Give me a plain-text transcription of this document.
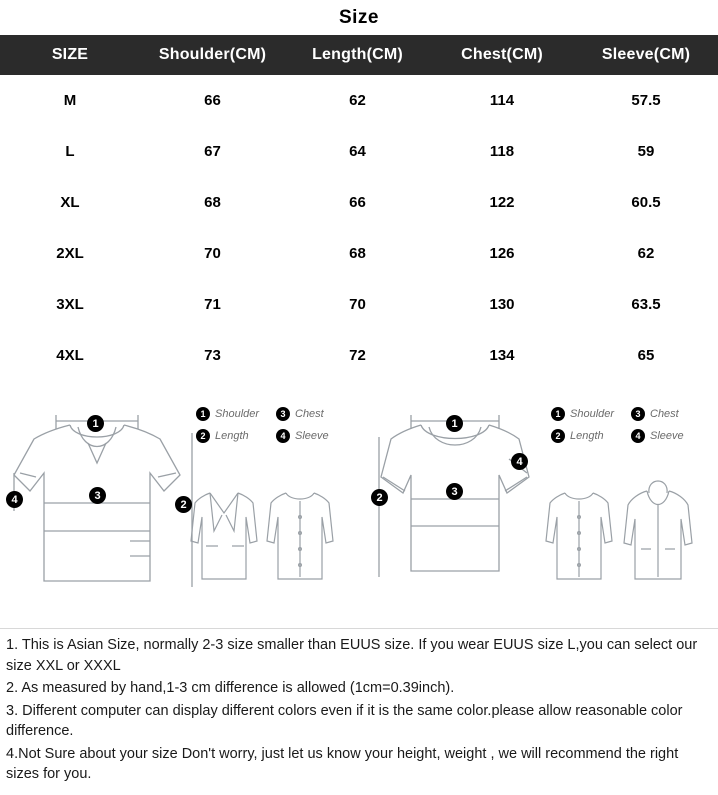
Size
SIZE	Shoulder(CM)	Length(CM)	Chest(CM)	Sleeve(CM)
M	66	62	114	57.5
L	67	64	118	59
XL	68	66	122	60.5
2XL	70	68	126	62
3XL	71	70	130	63.5
4XL	73	72	134	65
1
2
3
4
1 Shoulder	3 Chest
2 Length	4 Sleeve
1
2	3
4
1 Shoulder	3 Chest
2 Length	4 Sleeve

1. This is Asian Size, normally 2-3 size smaller than EUUS size. If you wear EUUS size L,you can select our size XXL or XXXL

2. As measured by hand,1-3 cm difference is allowed (1cm=0.39inch).

3. Different computer can display different colors even if it is the same color.please allow reasonable color difference.

4.Not Sure about your size Don't worry, just let us know your height, weight , we will recommend the right sizes for you.
